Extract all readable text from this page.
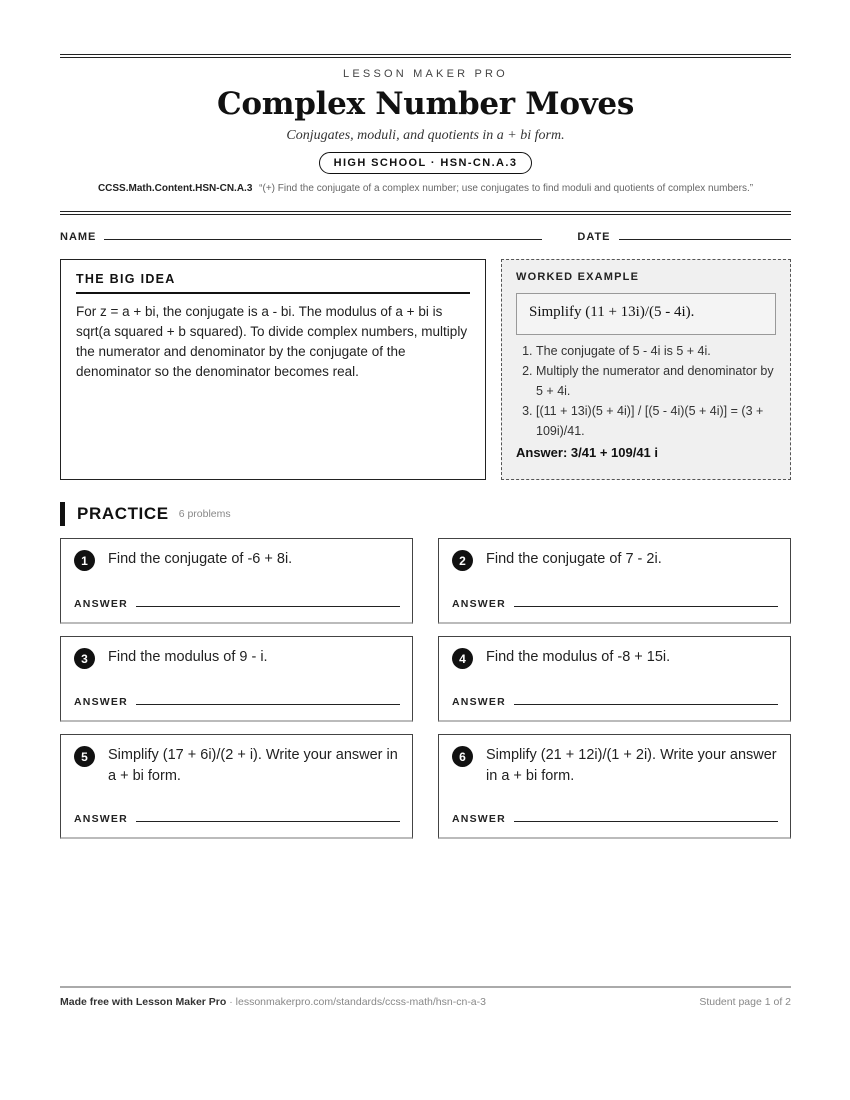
LESSON MAKER PRO
Complex Number Moves
Conjugates, moduli, and quotients in a + bi form.
HIGH SCHOOL · HSN-CN.A.3
CCSS.Math.Content.HSN-CN.A.3 “(+) Find the conjugate of a complex number; use conjugates to find moduli and quotients of complex numbers.”
NAME	DATE
THE BIG IDEA
For z = a + bi, the conjugate is a - bi. The modulus of a + bi is sqrt(a squared + b squared). To divide complex numbers, multiply the numerator and denominator by the conjugate of the denominator so the denominator becomes real.
WORKED EXAMPLE
Simplify (11 + 13i)/(5 - 4i).
1. The conjugate of 5 - 4i is 5 + 4i.
2. Multiply the numerator and denominator by 5 + 4i.
3. [(11 + 13i)(5 + 4i)] / [(5 - 4i)(5 + 4i)] = (3 + 109i)/41.
Answer: 3/41 + 109/41 i
PRACTICE 6 problems
1	Find the conjugate of -6 + 8i.
ANSWER
2	Find the conjugate of 7 - 2i.
ANSWER
3	Find the modulus of 9 - i.
ANSWER
4	Find the modulus of -8 + 15i.
ANSWER
5	Simplify (17 + 6i)/(2 + i). Write your answer in a + bi form.
ANSWER
6	Simplify (21 + 12i)/(1 + 2i). Write your answer in a + bi form.
ANSWER
Made free with Lesson Maker Pro · lessonmakerpro.com/standards/ccss-math/hsn-cn-a-3	Student page 1 of 2
